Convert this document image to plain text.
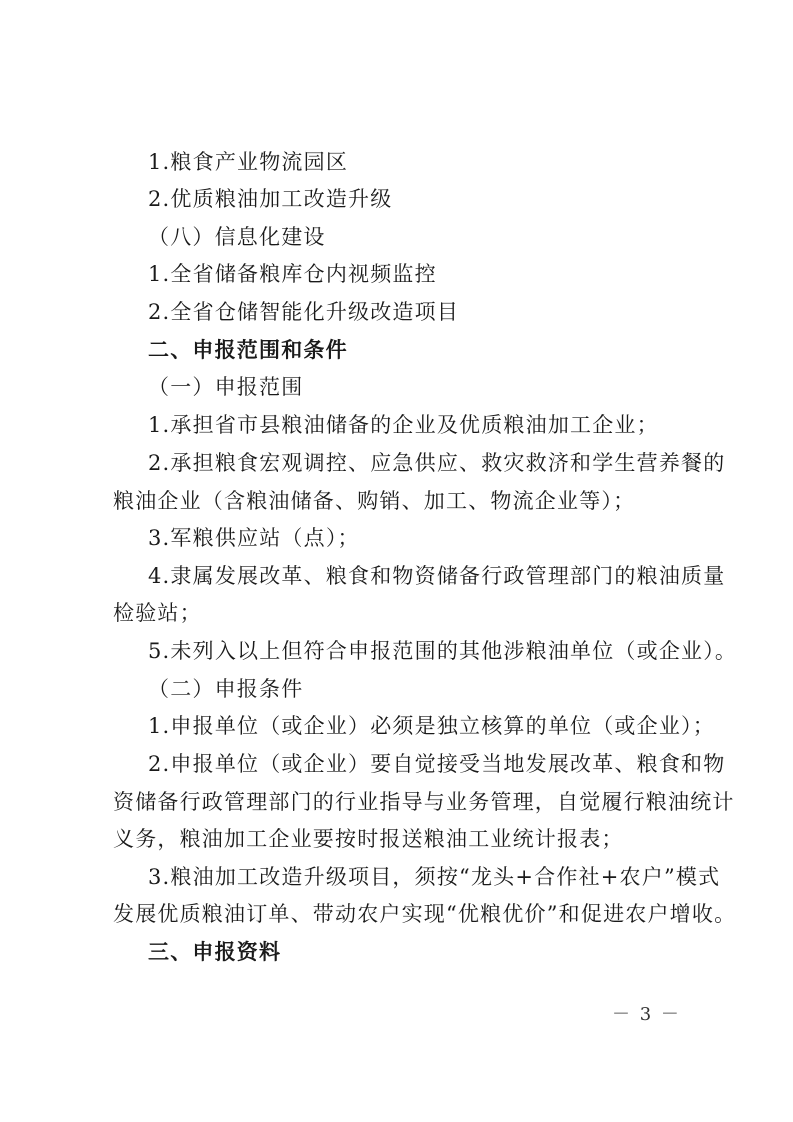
1.粮食产业物流园区
2.优质粮油加工改造升级
（八）信息化建设
1.全省储备粮库仓内视频监控
2.全省仓储智能化升级改造项目
二、申报范围和条件
（一）申报范围
1.承担省市县粮油储备的企业及优质粮油加工企业；
2.承担粮食宏观调控、应急供应、救灾救济和学生营养餐的
粮油企业（含粮油储备、购销、加工、物流企业等）；
3.军粮供应站（点）；
4.隶属发展改革、粮食和物资储备行政管理部门的粮油质量
检验站；
5.未列入以上但符合申报范围的其他涉粮油单位（或企业）。
（二）申报条件
1.申报单位（或企业）必须是独立核算的单位（或企业）；
2.申报单位（或企业）要自觉接受当地发展改革、粮食和物
资储备行政管理部门的行业指导与业务管理，自觉履行粮油统计
义务，粮油加工企业要按时报送粮油工业统计报表；
3.粮油加工改造升级项目，须按“龙头+合作社+农户”模式
发展优质粮油订单、带动农户实现“优粮优价”和促进农户增收。
三、申报资料
－ 3 －
